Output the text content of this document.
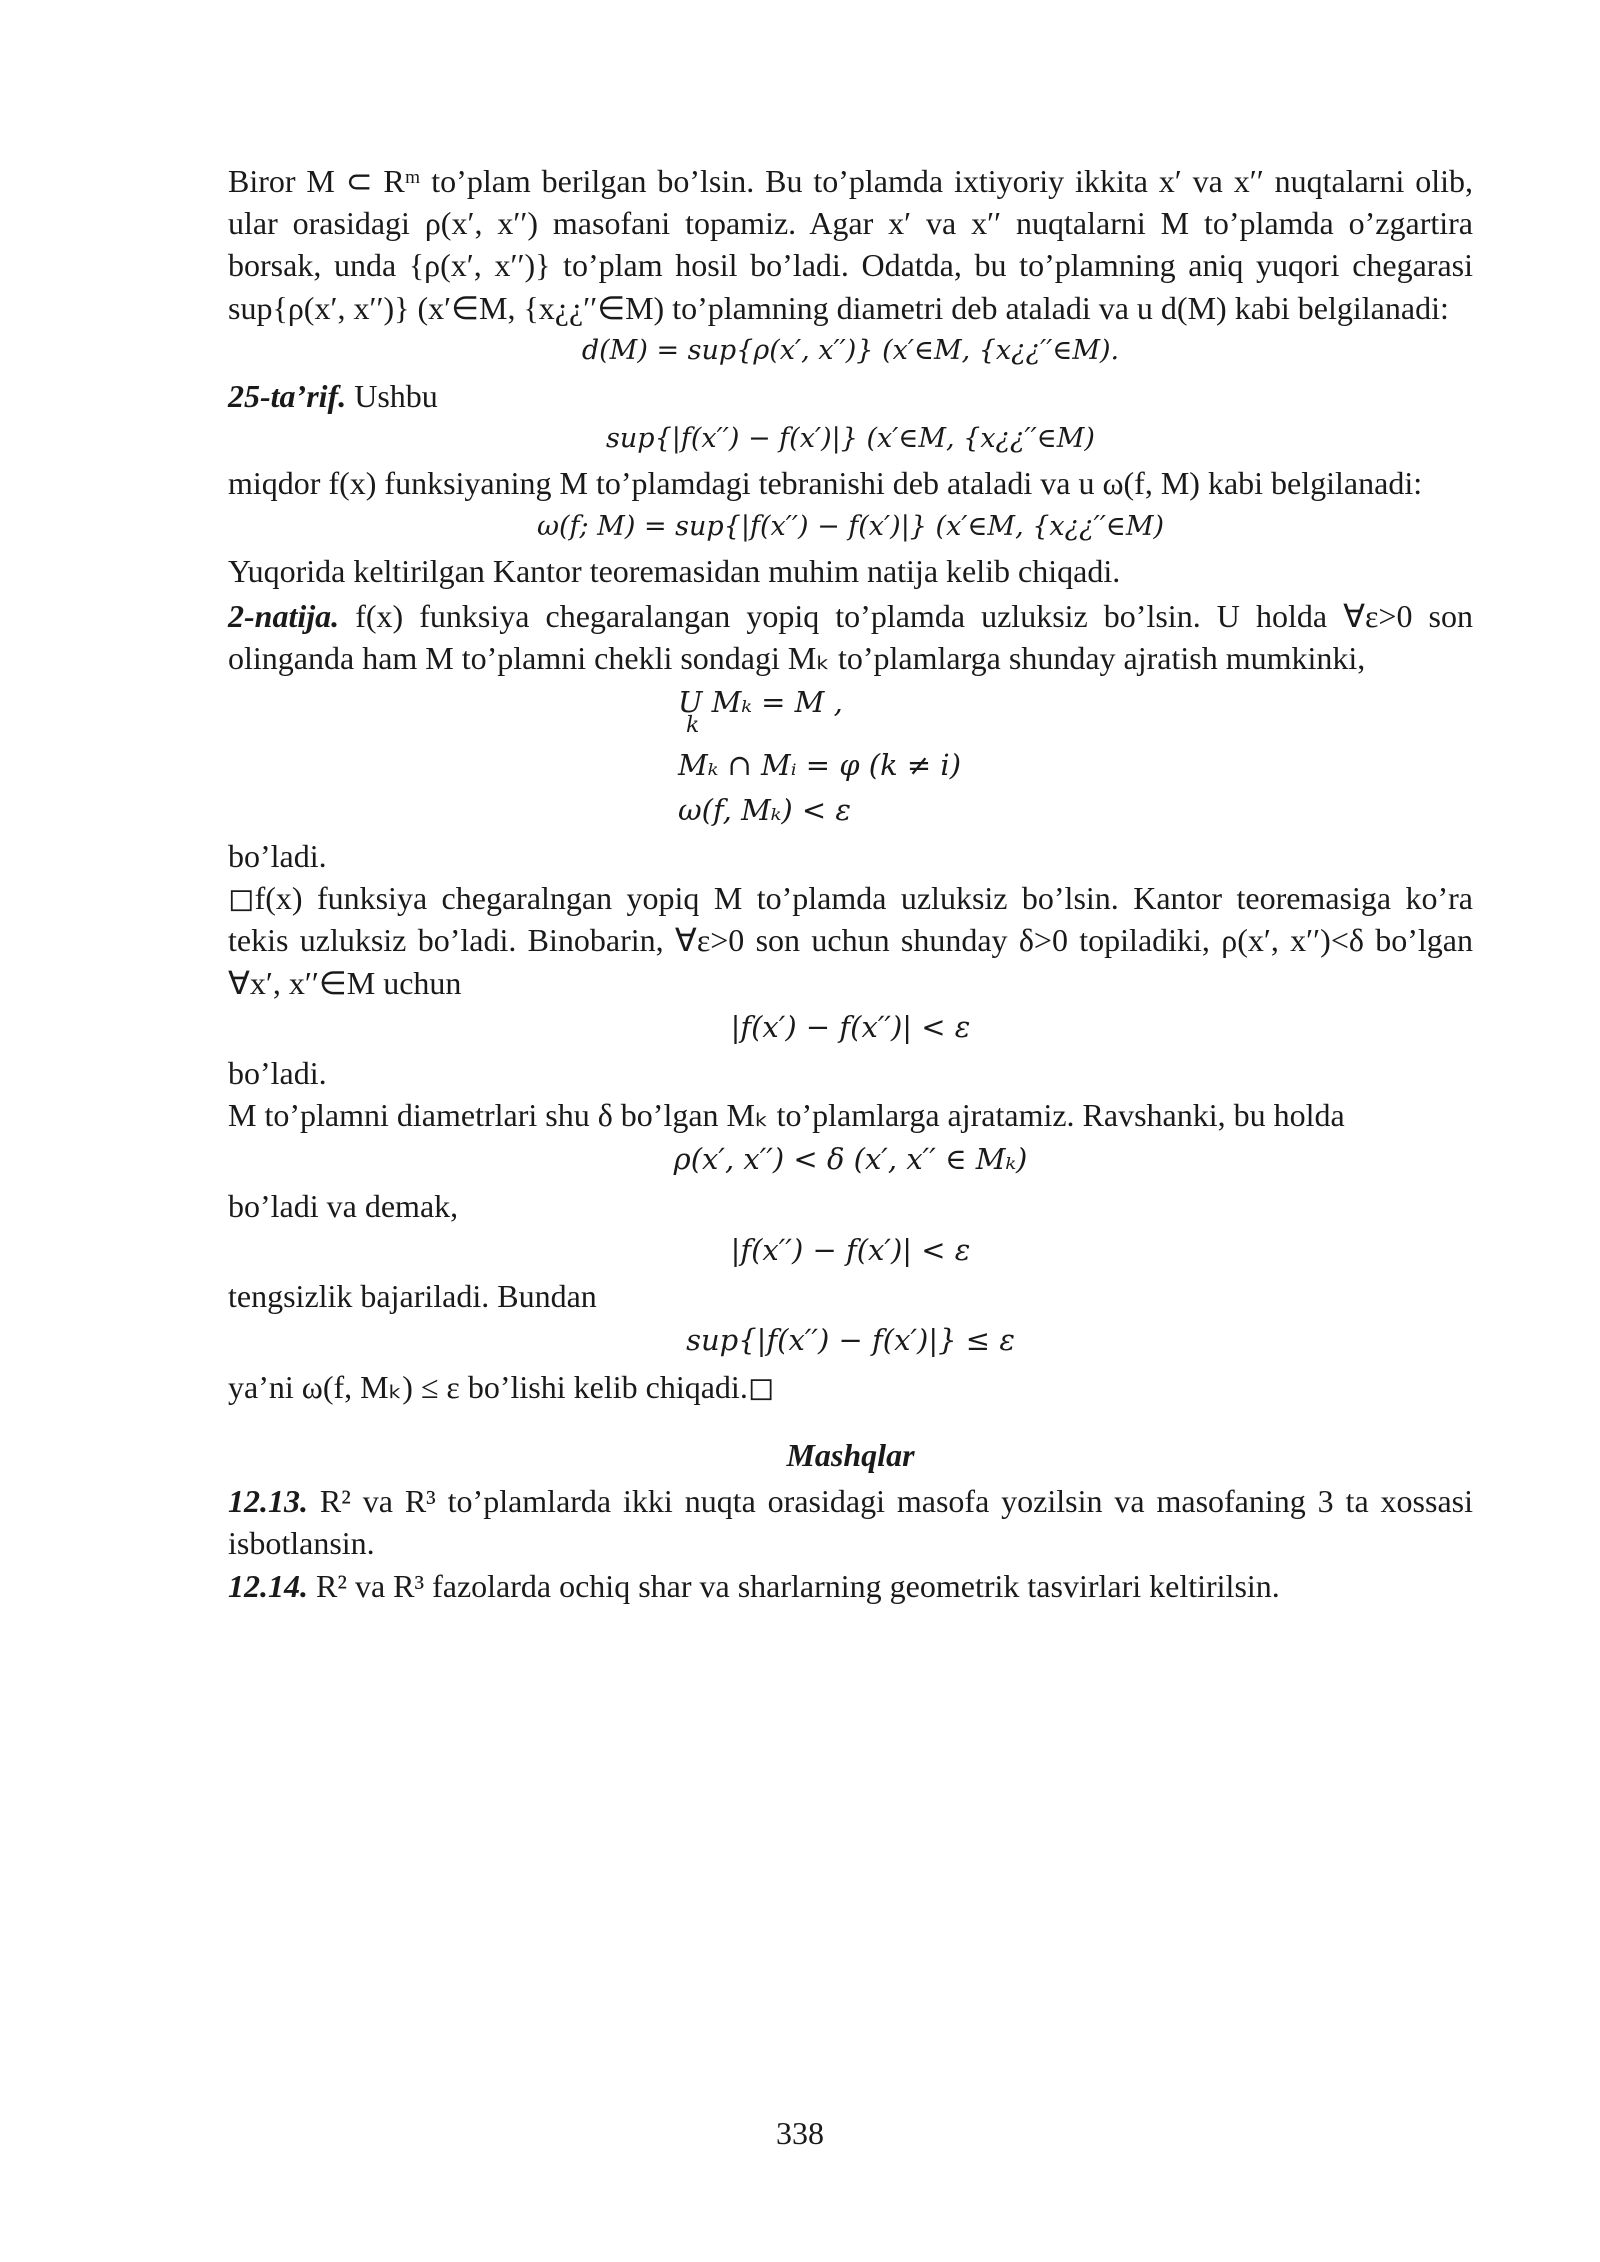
Biror M ⊂ Rᵐ to’plam berilgan bo’lsin. Bu to’plamda ixtiyoriy ikkita x′ va x′′ nuqtalarni olib, ular orasidagi ρ(x′, x′′) masofani topamiz. Agar x′ va x′′ nuqtalarni M to’plamda o’zgartira borsak, unda {ρ(x′, x′′)} to’plam hosil bo’ladi. Odatda, bu to’plamning aniq yuqori chegarasi sup{ρ(x′, x′′)} (x′∈M, {x¿¿′′∈M) to’plamning diametri deb ataladi va u d(M) kabi belgilanadi:

d(M) = sup{ρ(x′, x′′)} (x′∈M, {x¿¿′′∈M).

25-ta’rif. Ushbu

sup{|f(x′′) − f(x′)|} (x′∈M, {x¿¿′′∈M)

miqdor f(x) funksiyaning M to’plamdagi tebranishi deb ataladi va u ω(f, M) kabi belgilanadi:

ω(f; M) = sup{|f(x′′) − f(x′)|} (x′∈M, {x¿¿′′∈M)

Yuqorida keltirilgan Kantor teoremasidan muhim natija kelib chiqadi.

2-natija. f(x) funksiya chegaralangan yopiq to’plamda uzluksiz bo’lsin. U holda ∀ε>0 son olinganda ham M to’plamni chekli sondagi Mₖ to’plamlarga shunday ajratish mumkinki,

U Mₖ = M ,
k
Mₖ ∩ Mᵢ = φ (k ≠ i)
ω(f, Mₖ) < ε

bo’ladi.

◻f(x) funksiya chegaralngan yopiq M to’plamda uzluksiz bo’lsin. Kantor teoremasiga ko’ra tekis uzluksiz bo’ladi. Binobarin, ∀ε>0 son uchun shunday δ>0 topiladiki, ρ(x′, x′′)<δ bo’lgan ∀x′, x′′∈M uchun

|f(x′) − f(x′′)| < ε

bo’ladi.

M to’plamni diametrlari shu δ bo’lgan Mₖ to’plamlarga ajratamiz. Ravshanki, bu holda

ρ(x′, x′′) < δ (x′, x′′ ∈ Mₖ)

bo’ladi va demak,

|f(x′′) − f(x′)| < ε

tengsizlik bajariladi. Bundan

sup{|f(x′′) − f(x′)|} ≤ ε

ya’ni ω(f, Mₖ) ≤ ε bo’lishi kelib chiqadi.◻

Mashqlar

12.13. R² va R³ to’plamlarda ikki nuqta orasidagi masofa yozilsin va masofaning 3 ta xossasi isbotlansin.

12.14. R² va R³ fazolarda ochiq shar va sharlarning geometrik tasvirlari keltirilsin.

338
